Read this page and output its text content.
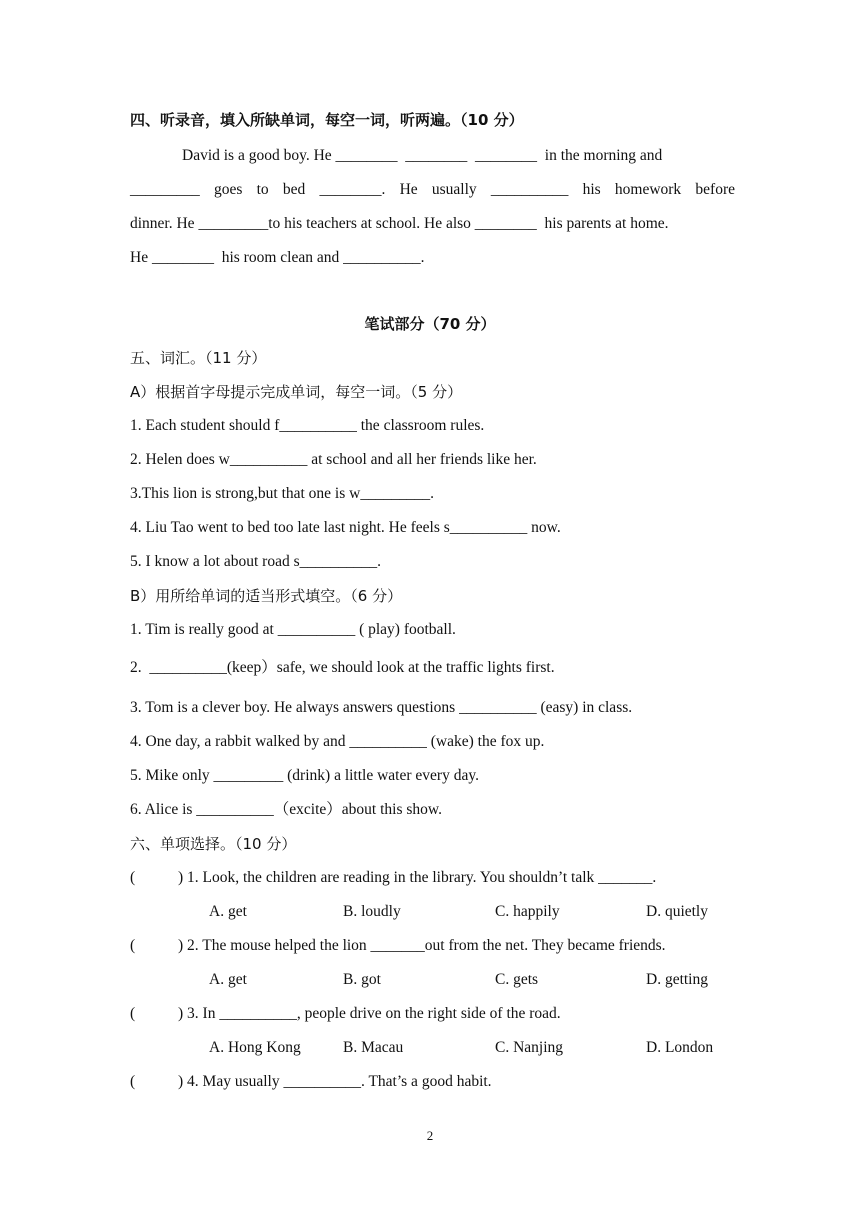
四、听录音，填入所缺单词，每空一词，听两遍。（10 分）
David is a good boy. He ________  ________  ________  in the morning and
_________ goes to bed ________. He usually __________ his homework before
dinner. He _________to his teachers at school. He also ________  his parents at home.
He ________  his room clean and __________.
笔试部分（70 分）
五、词汇。（11 分）
A）根据首字母提示完成单词，每空一词。（5 分）
1. Each student should f__________ the classroom rules.
2. Helen does w__________ at school and all her friends like her.
3.This lion is strong,but that one is w_________.
4. Liu Tao went to bed too late last night. He feels s__________ now.
5. I know a lot about road s__________.
B）用所给单词的适当形式填空。（6 分）
1. Tim is really good at __________ ( play) football.
2.  __________(keep）safe, we should look at the traffic lights first.
3. Tom is a clever boy. He always answers questions __________ (easy) in class.
4. One day, a rabbit walked by and __________ (wake) the fox up.
5. Mike only _________ (drink) a little water every day.
6. Alice is __________（excite）about this show.
六、单项选择。（10 分）
(	) 1. Look, the children are reading in the library. You shouldn’t talk _______.
A. get	B. loudly	C. happily	D. quietly
(	) 2. The mouse helped the lion _______out from the net. They became friends.
A. get	B. got	C. gets	D. getting
(	) 3. In __________, people drive on the right side of the road.
A. Hong Kong	B. Macau	C. Nanjing	D. London
(	) 4. May usually __________. That’s a good habit.
2
